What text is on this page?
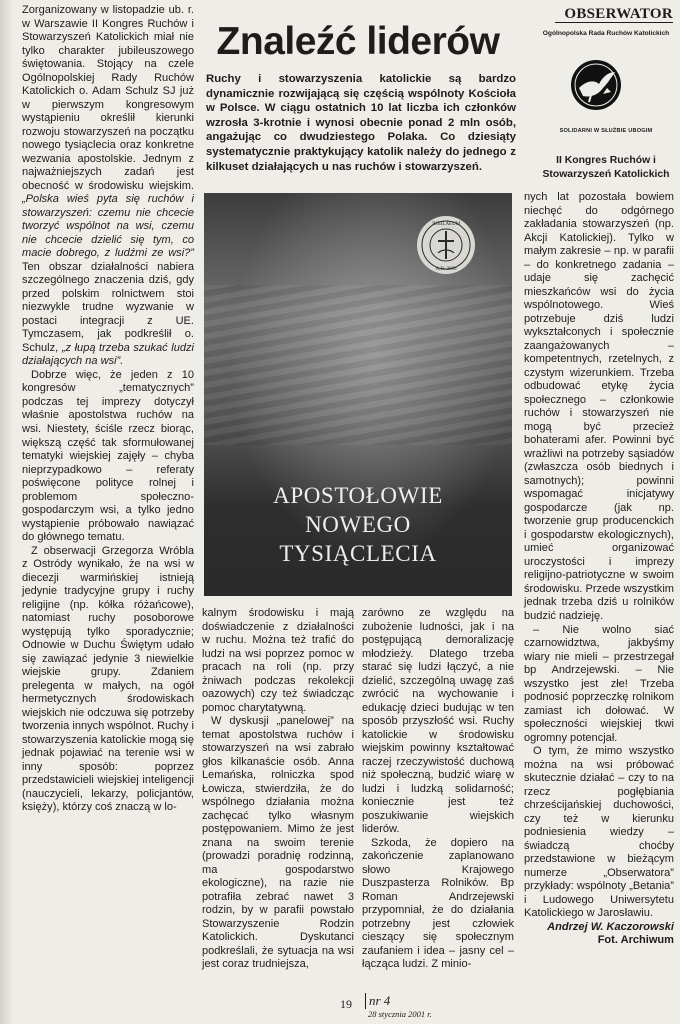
Zorganizowany w listopadzie ub. r. w Warszawie II Kongres Ruchów i Stowarzyszeń Katolickich miał nie tylko charakter jubileuszowego świętowania. Stojący na czele Ogólnopolskiej Rady Ruchów Katolickich o. Adam Schulz SJ już w pierwszym kongresowym wystąpieniu określił kierunki rozwoju stowarzyszeń na początku nowego tysiąclecia oraz konkretne wezwania apostolskie. Jednym z najważniejszych zadań jest obecność w środowisku wiejskim. „Polska wieś pyta się ruchów i stowarzyszeń: czemu nie chcecie tworzyć wspólnot na wsi, czemu nie chcecie dzielić się tym, co macie dobrego, z ludźmi ze wsi?” Ten obszar działalności nabiera szczególnego znaczenia dziś, gdy przed polskim rolnictwem stoi niezwykle trudne wyzwanie w postaci integracji z UE. Tymczasem, jak podkreślił o. Schulz, „z łupą trzeba szukać ludzi działających na wsi”.

Dobrze więc, że jeden z 10 kongresów „tematycznych” podczas tej imprezy dotyczył właśnie apostolstwa ruchów na wsi. Niestety, ściśle rzecz biorąc, większą część tak sformułowanej tematyki wiejskiej zajęły – chyba nieprzypadkowo – referaty poświęcone polityce rolnej i problemom społeczno-gospodarczym wsi, a tylko jedno wystąpienie próbowało nawiązać do głównego tematu.

Z obserwacji Grzegorza Wróbla z Ostródy wynikało, że na wsi w diecezji warmińskiej istnieją jedynie tradycyjne grupy i ruchy religijne (np. kółka różańcowe), natomiast ruchy posoborowe występują tylko sporadycznie; Odnowie w Duchu Świętym udało się zawiązać jedynie 3 niewielkie wiejskie grupy. Zdaniem prelegenta w małych, na ogół hermetycznych środowiskach wiejskich nie odczuwa się potrzeby tworzenia innych wspólnot. Ruchy i stowarzyszenia katolickie mogą się jednak pojawiać na terenie wsi w inny sposób: poprzez przedstawicieli wiejskiej inteligencji (nauczycieli, lekarzy, policjantów, księży), którzy coś znaczą w lo-

OBSERWATOR
Znaleźć liderów
Ruchy i stowarzyszenia katolickie są bardzo dynamicznie rozwijającą się częścią wspólnoty Kościoła w Polsce. W ciągu ostatnich 10 lat liczba ich członków wzrosła 3-krotnie i wynosi obecnie ponad 2 mln osób, angażując co dwudziestego Polaka. Co dziesiąty systematycznie praktykujący katolik należy do jednego z kilkuset działających u nas ruchów i stowarzyszeń.
Ogólnopolska Rada Ruchów Katolickich
SOLIDARNI W SŁUŻBIE UBOGIM
II Kongres Ruchów i Stowarzyszeń Katolickich
JUBILAEUM
A.D. 2000
APOSTOŁOWIE
NOWEGO
TYSIĄCLECIA

kalnym środowisku i mają doświadczenie z działalności w ruchu. Można też trafić do ludzi na wsi poprzez pomoc w pracach na roli (np. przy żniwach podczas rekolekcji oazowych) czy też świadcząc pomoc charytatywną.

W dyskusji „panelowej” na temat apostolstwa ruchów i stowarzyszeń na wsi zabrało głos kilkanaście osób. Anna Lemańska, rolniczka spod Łowicza, stwierdziła, że do wspólnego działania można zachęcać tylko własnym postępowaniem. Mimo że jest znana na swoim terenie (prowadzi poradnię rodzinną, ma gospodarstwo ekologiczne), na razie nie potrafiła zebrać nawet 3 rodzin, by w parafii powstało Stowarzyszenie Rodzin Katolickich. Dyskutanci podkreślali, że sytuacja na wsi jest coraz trudniejsza,

zarówno ze względu na zubożenie ludności, jak i na postępującą demoralizację młodzieży. Dlatego trzeba starać się ludzi łączyć, a nie dzielić, szczególną uwagę zaś zwrócić na wychowanie i edukację dzieci budując w ten sposób przyszłość wsi. Ruchy katolickie w środowisku wiejskim powinny kształtować raczej rzeczywistość duchową niż społeczną, budzić wiarę w ludzi i ludzką solidarność; koniecznie jest też poszukiwanie wiejskich liderów.

Szkoda, że dopiero na zakończenie zaplanowano słowo Krajowego Duszpasterza Rolników. Bp Roman Andrzejewski przypomniał, że do działania potrzebny jest człowiek cieszący się społecznym zaufaniem i idea – jasny cel – łącząca ludzi. Z minio-

nych lat pozostała bowiem niechęć do odgórnego zakładania stowarzyszeń (np. Akcji Katolickiej). Tylko w małym zakresie – np. w parafii – do konkretnego zadania – udaje się zachęcić mieszkańców wsi do życia wspólnotowego. Wieś potrzebuje dziś ludzi wykształconych i społecznie zaangażowanych – kompetentnych, rzetelnych, z czystym wizerunkiem. Trzeba odbudować etykę życia społecznego – członkowie ruchów i stowarzyszeń nie mogą być przecież bohaterami afer. Powinni być wrażliwi na potrzeby sąsiadów (zwłaszcza osób biednych i samotnych); powinni wspomagać inicjatywy gospodarcze (jak np. tworzenie grup producenckich i gospodarstw ekologicznych), umieć organizować uroczystości i imprezy religijno-patriotyczne w swoim środowisku. Przede wszystkim jednak trzeba dziś u rolników budzić nadzieję.

– Nie wolno siać czarnowidztwa, jakbyśmy wiary nie mieli – przestrzegał bp Andrzejewski. – Nie wszystko jest złe! Trzeba podnosić poprzeczkę rolnikom zamiast ich dołować. W społeczności wiejskiej tkwi ogromny potencjał.

O tym, że mimo wszystko można na wsi próbować skutecznie działać – czy to na rzecz pogłębiania chrześcijańskiej duchowości, czy też w kierunku podniesienia wiedzy – świadczą choćby przedstawione w bieżącym numerze „Obserwatora” przykłady: wspólnoty „Betania” i Ludowego Uniwersytetu Katolickiego w Jarosławiu.

Andrzej W. Kaczorowski
Fot. Archiwum
19	nr 4
28 stycznia 2001 r.
